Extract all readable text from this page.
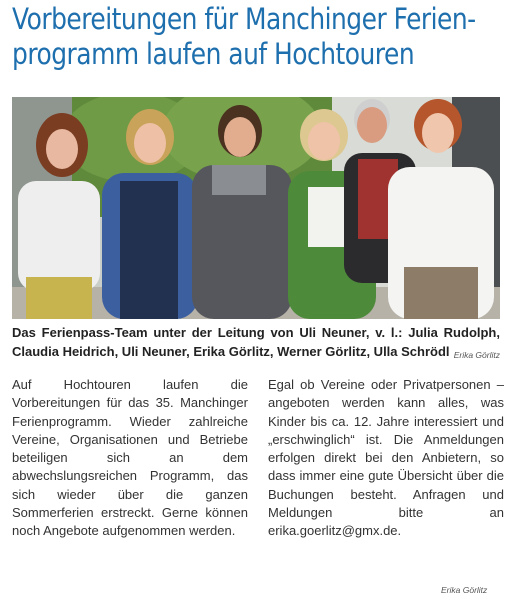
Vorbereitungen für Manchinger Ferien-programm laufen auf Hochtouren
Das Ferienpass-Team unter der Leitung von Uli Neuner, v. l.: Julia Rudolph, Claudia Heidrich, Uli Neuner, Erika Görlitz, Werner Görlitz, Ulla Schrödl Erika Görlitz
Auf Hochtouren laufen die Vorbereitungen für das 35. Manchinger Ferienprogramm. Wieder zahlreiche Vereine, Organisationen und Betriebe beteiligen sich an dem abwechslungsreichen Programm, das sich wieder über die ganzen Sommerferien erstreckt. Gerne können noch Angebote aufgenommen werden.
Egal ob Vereine oder Privatpersonen – angeboten werden kann alles, was Kinder bis ca. 12. Jahre interessiert und „erschwinglich“ ist. Die Anmeldungen erfolgen direkt bei den Anbietern, so dass immer eine gute Übersicht über die Buchungen besteht. Anfragen und Meldungen bitte an erika.goerlitz@gmx.de.
Erika Görlitz
